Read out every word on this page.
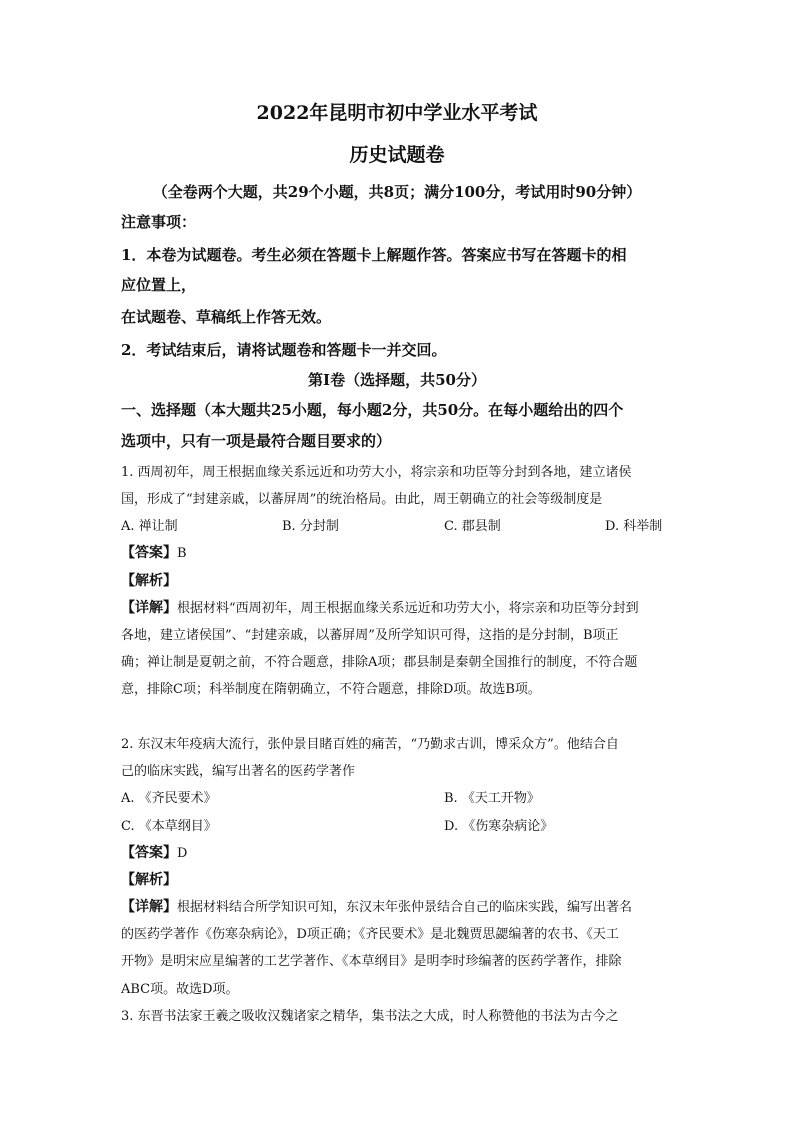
2022年昆明市初中学业水平考试
历史试题卷

（全卷两个大题，共29个小题，共8页；满分100分，考试用时90分钟）

注意事项：

1．本卷为试题卷。考生必须在答题卡上解题作答。答案应书写在答题卡的相

应位置上，

在试题卷、草稿纸上作答无效。

2．考试结束后，请将试题卷和答题卡一并交回。

第Ⅰ卷（选择题，共50分）

一、选择题（本大题共25小题，每小题2分，共50分。在每小题给出的四个

选项中，只有一项是最符合题目要求的）

1. 西周初年，周王根据血缘关系远近和功劳大小，将宗亲和功臣等分封到各地，建立诸侯

国，形成了“封建亲戚，以蕃屏周”的统治格局。由此，周王朝确立的社会等级制度是

A. 禅让制	B. 分封制	C. 郡县制	D. 科举制

【答案】B

【解析】

【详解】根据材料“西周初年，周王根据血缘关系远近和功劳大小，将宗亲和功臣等分封到

各地，建立诸侯国”、“封建亲戚，以蕃屏周”及所学知识可得，这指的是分封制，B项正

确；禅让制是夏朝之前，不符合题意，排除A项；郡县制是秦朝全国推行的制度，不符合题

意，排除C项；科举制度在隋朝确立，不符合题意，排除D项。故选B项。

2. 东汉末年疫病大流行，张仲景目睹百姓的痛苦，“乃勤求古训，博采众方”。他结合自

己的临床实践，编写出著名的医药学著作

A. 《齐民要术》	B. 《天工开物》

C. 《本草纲目》	D. 《伤寒杂病论》

【答案】D

【解析】

【详解】根据材料结合所学知识可知，东汉末年张仲景结合自己的临床实践，编写出著名

的医药学著作《伤寒杂病论》，D项正确；《齐民要术》是北魏贾思勰编著的农书、《天工

开物》是明宋应星编著的工艺学著作、《本草纲目》是明李时珍编著的医药学著作，排除

ABC项。故选D项。

3. 东晋书法家王羲之吸收汉魏诸家之精华，集书法之大成，时人称赞他的书法为古今之
